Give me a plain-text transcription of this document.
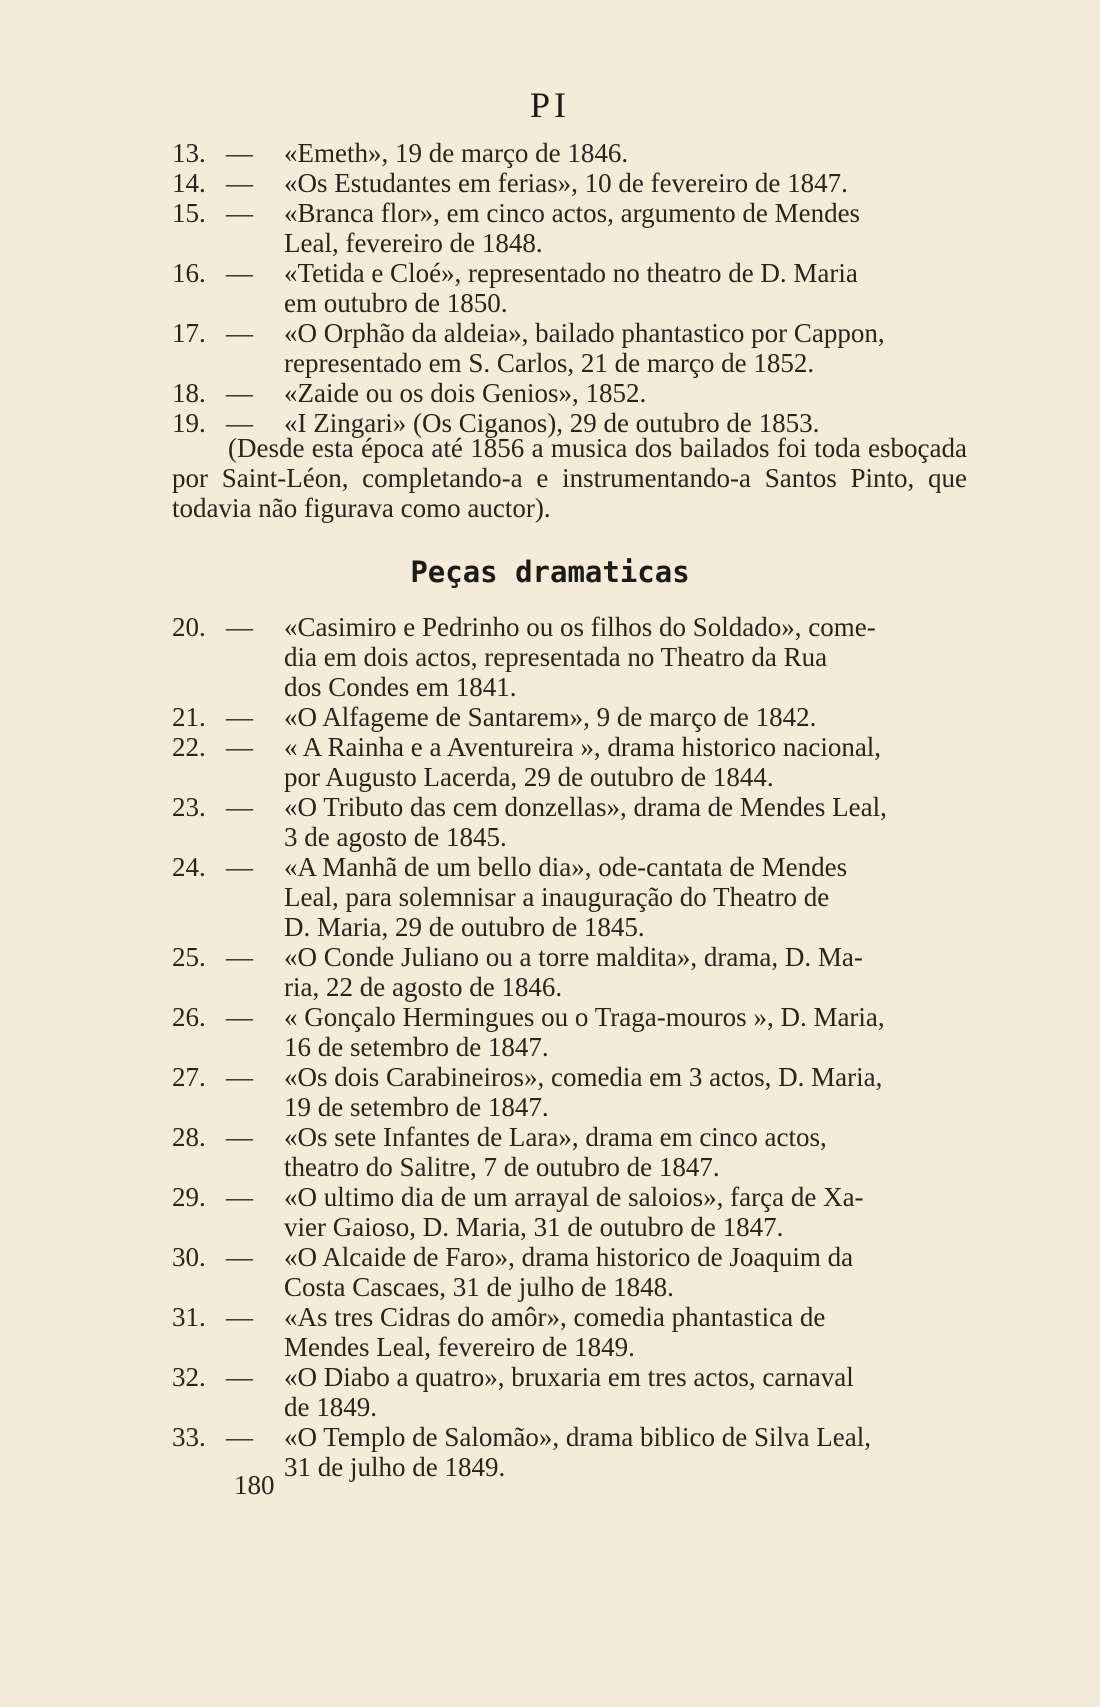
PI
13. —	«Emeth», 19 de março de 1846.
14. —	«Os Estudantes em ferias», 10 de fevereiro de 1847.
15. —	«Branca flor», em cinco actos, argumento de Mendes
Leal, fevereiro de 1848.
16. —	«Tetida e Cloé», representado no theatro de D. Maria
em outubro de 1850.
17. —	«O Orphão da aldeia», bailado phantastico por Cappon,
representado em S. Carlos, 21 de março de 1852.
18. —	«Zaide ou os dois Genios», 1852.
19. —	«I Zingari» (Os Ciganos), 29 de outubro de 1853.
(Desde esta época até 1856 a musica dos bailados foi toda esboçada por Saint-Léon, completando-a e instrumentando-a Santos Pinto, que todavia não figurava como auctor).
Peças dramaticas
20. —	«Casimiro e Pedrinho ou os filhos do Soldado», come-
dia em dois actos, representada no Theatro da Rua
dos Condes em 1841.
21. —	«O Alfageme de Santarem», 9 de março de 1842.
22. —	« A Rainha e a Aventureira », drama historico nacional,
por Augusto Lacerda, 29 de outubro de 1844.
23. —	«O Tributo das cem donzellas», drama de Mendes Leal,
3 de agosto de 1845.
24. —	«A Manhã de um bello dia», ode-cantata de Mendes
Leal, para solemnisar a inauguração do Theatro de
D. Maria, 29 de outubro de 1845.
25. —	«O Conde Juliano ou a torre maldita», drama, D. Ma-
ria, 22 de agosto de 1846.
26. —	« Gonçalo Hermingues ou o Traga-mouros », D. Maria,
16 de setembro de 1847.
27. —	«Os dois Carabineiros», comedia em 3 actos, D. Maria,
19 de setembro de 1847.
28. —	«Os sete Infantes de Lara», drama em cinco actos,
theatro do Salitre, 7 de outubro de 1847.
29. —	«O ultimo dia de um arrayal de saloios», farça de Xa-
vier Gaioso, D. Maria, 31 de outubro de 1847.
30. —	«O Alcaide de Faro», drama historico de Joaquim da
Costa Cascaes, 31 de julho de 1848.
31. —	«As tres Cidras do amôr», comedia phantastica de
Mendes Leal, fevereiro de 1849.
32. —	«O Diabo a quatro», bruxaria em tres actos, carnaval
de 1849.
33. —	«O Templo de Salomão», drama biblico de Silva Leal,
31 de julho de 1849.
180
